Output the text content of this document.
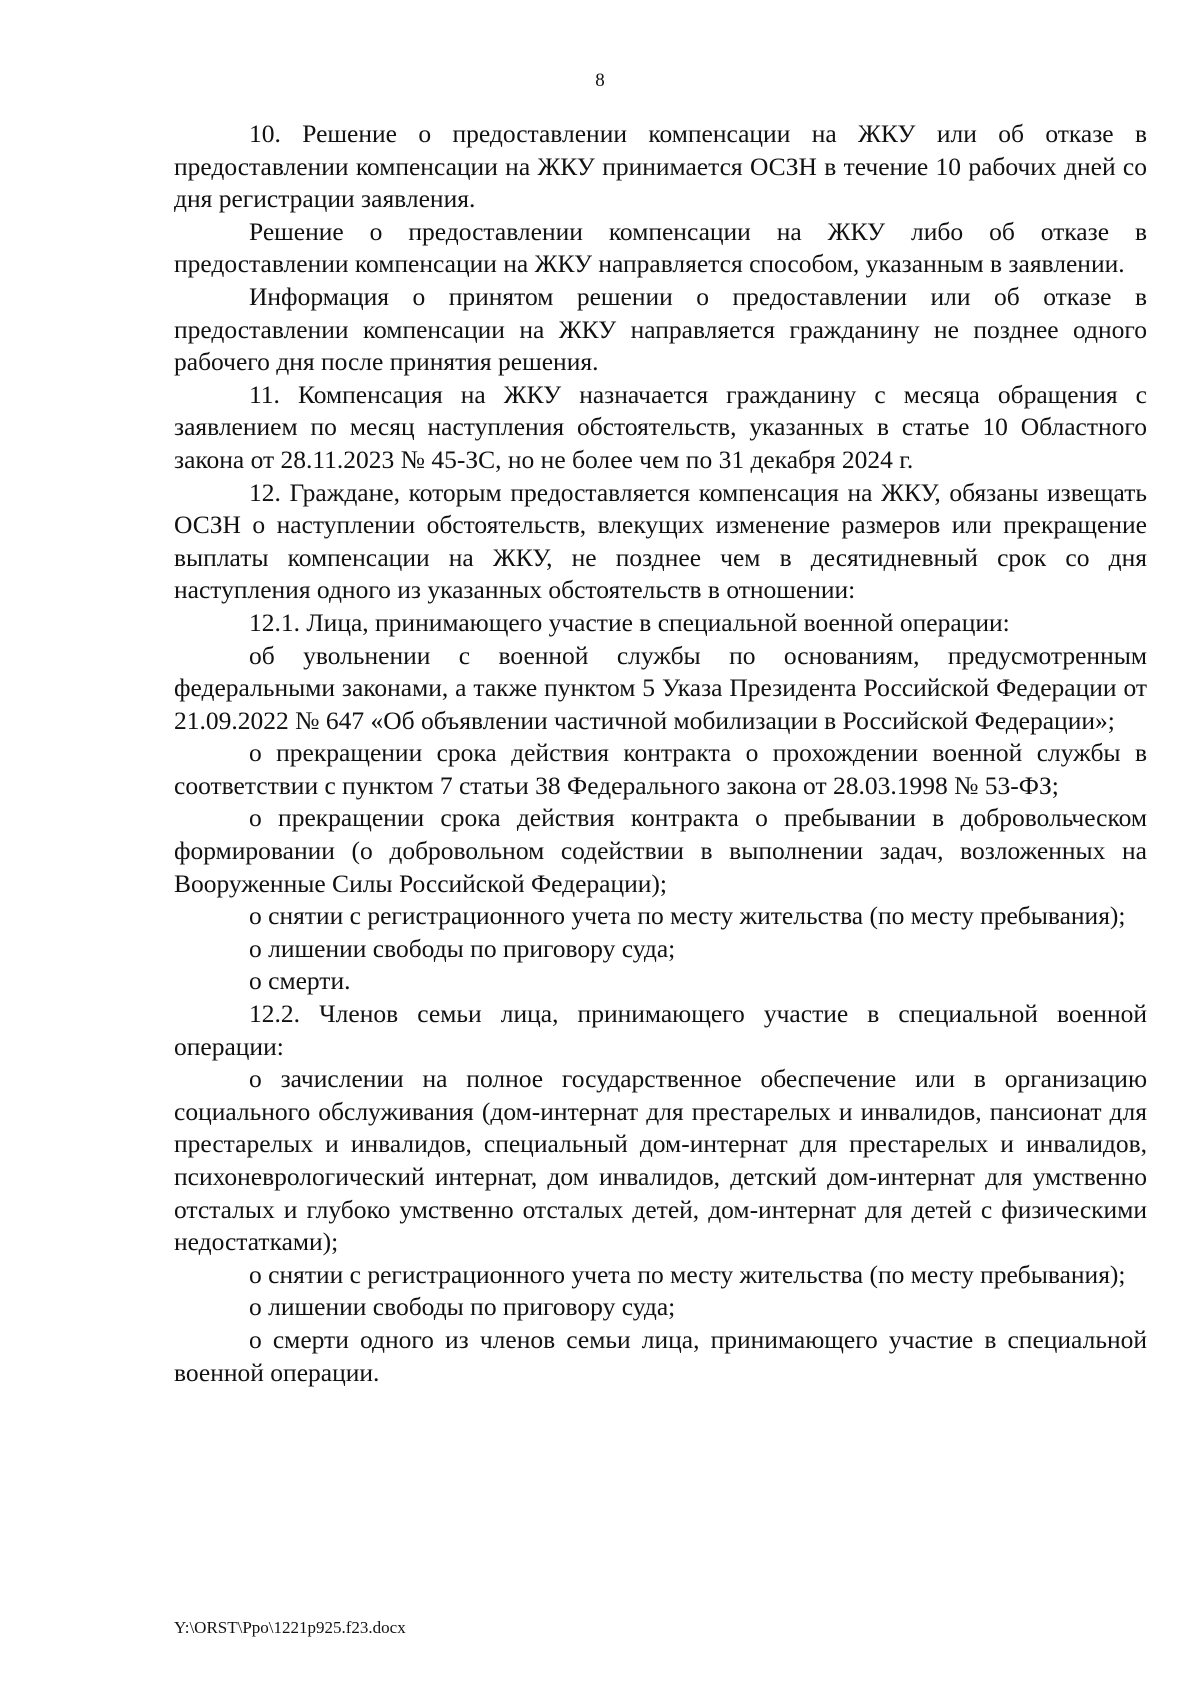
8

10. Решение о предоставлении компенсации на ЖКУ или об отказе в предоставлении компенсации на ЖКУ принимается ОСЗН в течение 10 рабочих дней со дня регистрации заявления.

Решение о предоставлении компенсации на ЖКУ либо об отказе в предоставлении компенсации на ЖКУ направляется способом, указанным в заявлении.

Информация о принятом решении о предоставлении или об отказе в предоставлении компенсации на ЖКУ направляется гражданину не позднее одного рабочего дня после принятия решения.

11. Компенсация на ЖКУ назначается гражданину с месяца обращения с заявлением по месяц наступления обстоятельств, указанных в статье 10 Областного закона от 28.11.2023 № 45-ЗС, но не более чем по 31 декабря 2024 г.

12. Граждане, которым предоставляется компенсация на ЖКУ, обязаны извещать ОСЗН о наступлении обстоятельств, влекущих изменение размеров или прекращение выплаты компенсации на ЖКУ, не позднее чем в десятидневный срок со дня наступления одного из указанных обстоятельств в отношении:

12.1. Лица, принимающего участие в специальной военной операции:

об увольнении с военной службы по основаниям, предусмотренным федеральными законами, а также пунктом 5 Указа Президента Российской Федерации от 21.09.2022 № 647 «Об объявлении частичной мобилизации в Российской Федерации»;

о прекращении срока действия контракта о прохождении военной службы в соответствии с пунктом 7 статьи 38 Федерального закона от 28.03.1998 № 53-ФЗ;

о прекращении срока действия контракта о пребывании в добровольческом формировании (о добровольном содействии в выполнении задач, возложенных на Вооруженные Силы Российской Федерации);

о снятии с регистрационного учета по месту жительства (по месту пребывания);

о лишении свободы по приговору суда;

о смерти.

12.2. Членов семьи лица, принимающего участие в специальной военной операции:

о зачислении на полное государственное обеспечение или в организацию социального обслуживания (дом-интернат для престарелых и инвалидов, пансионат для престарелых и инвалидов, специальный дом-интернат для престарелых и инвалидов, психоневрологический интернат, дом инвалидов, детский дом-интернат для умственно отсталых и глубоко умственно отсталых детей, дом-интернат для детей с физическими недостатками);

о снятии с регистрационного учета по месту жительства (по месту пребывания);

о лишении свободы по приговору суда;

о смерти одного из членов семьи лица, принимающего участие в специальной военной операции.

Y:\ORST\Ppo\1221p925.f23.docx
